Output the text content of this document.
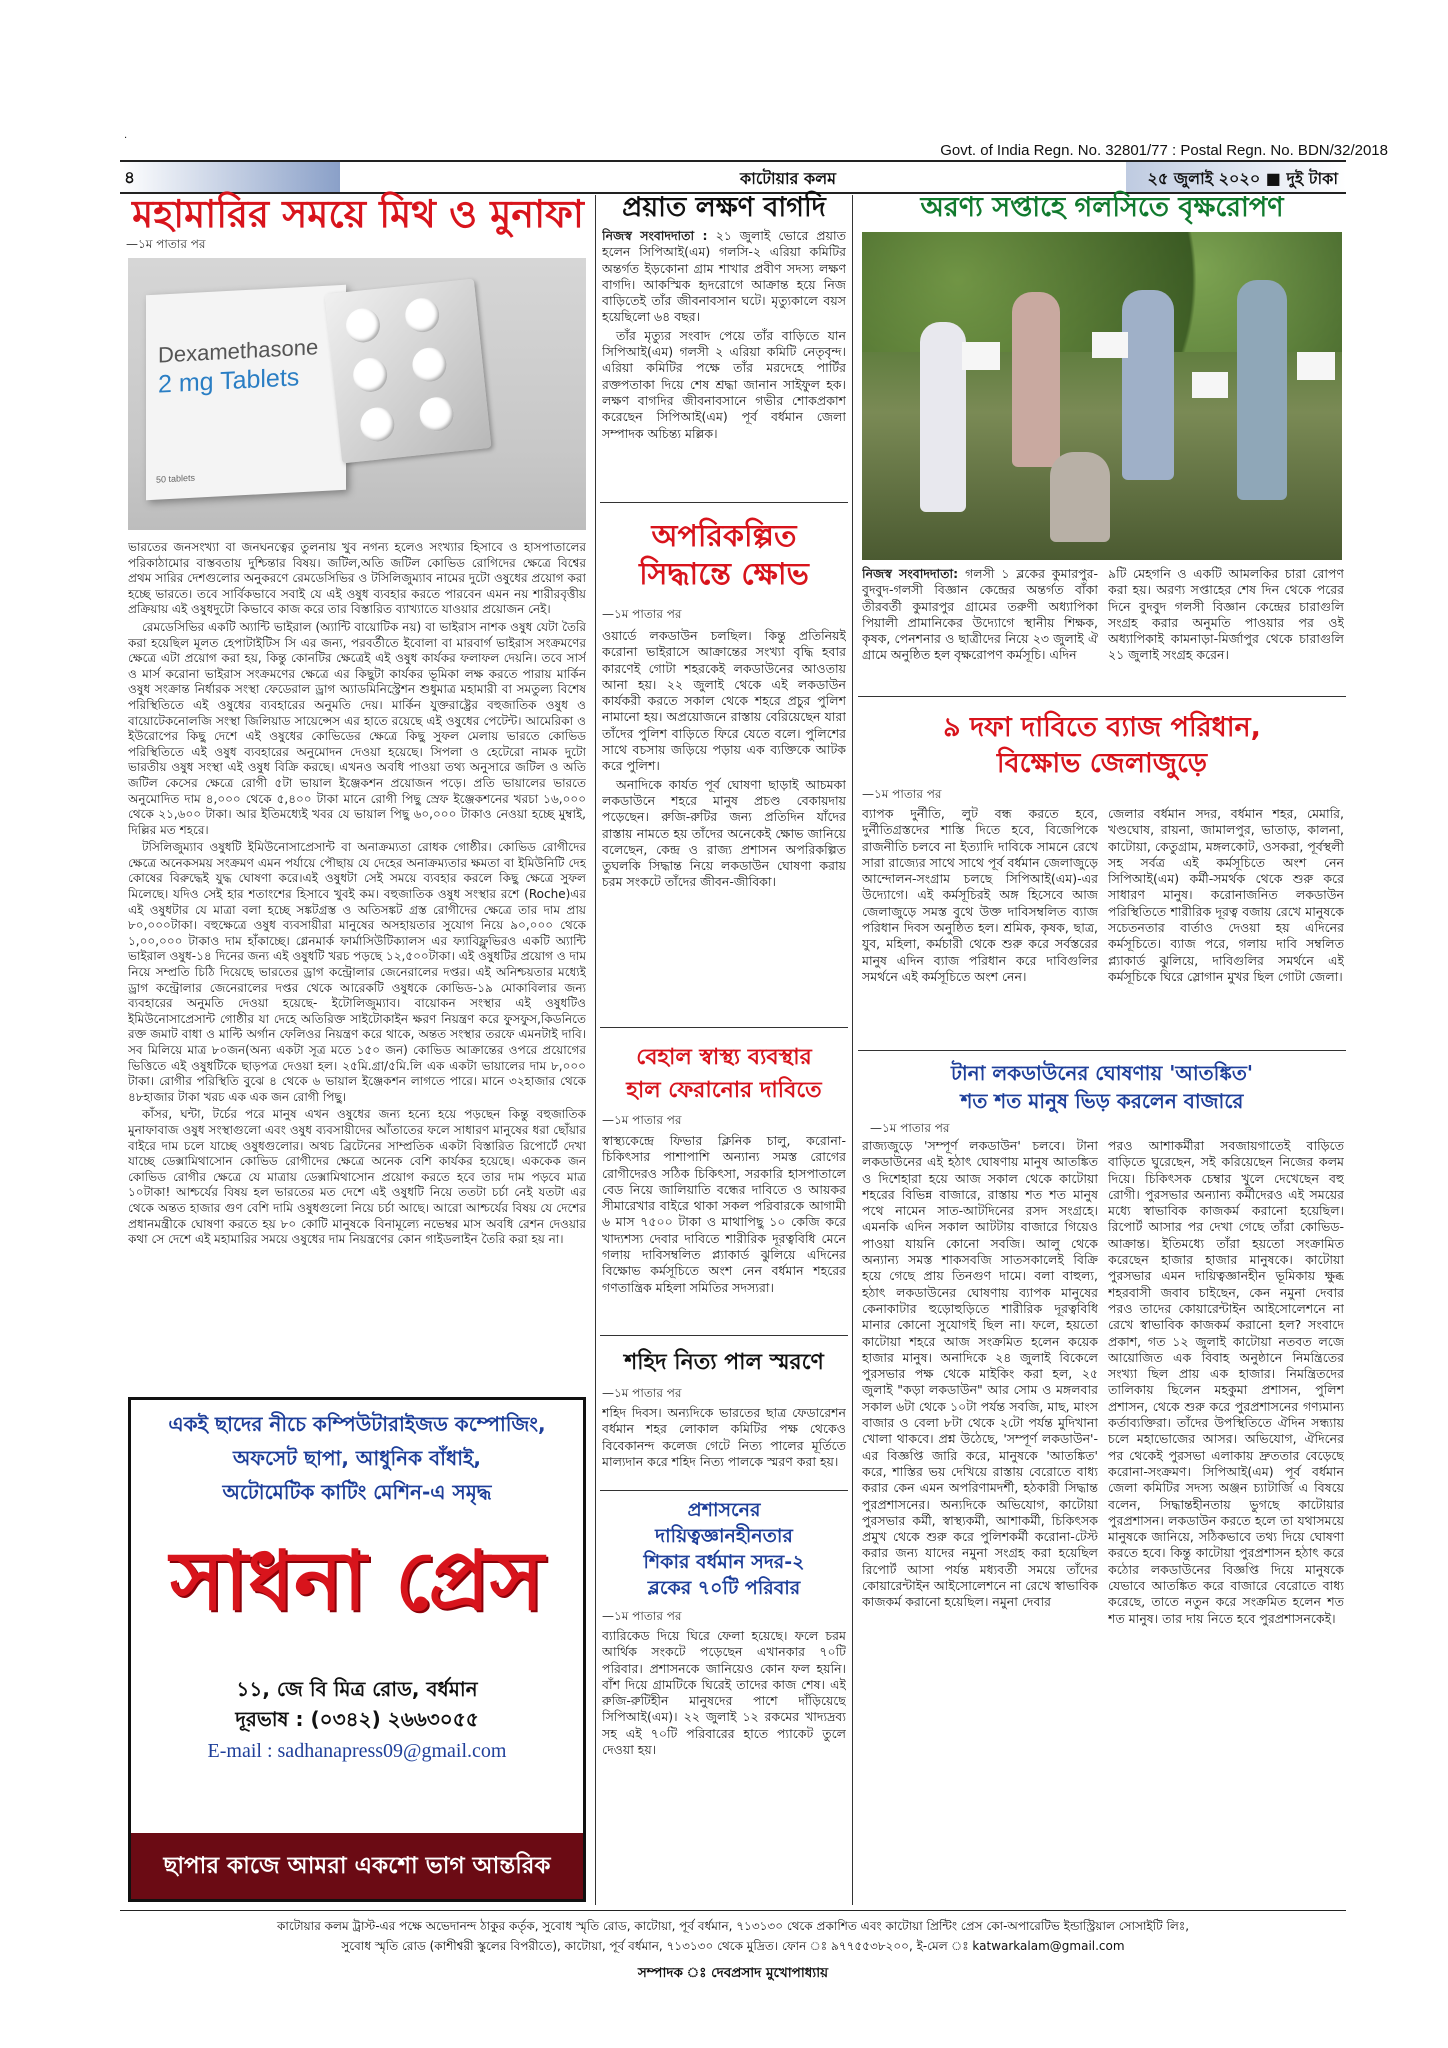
.
Govt. of India Regn. No. 32801/77 : Postal Regn. No. BDN/32/2018
৪	কাটোয়ার কলম	২৫ জুলাই ২০২০ ■ দুই টাকা
মহামারির সময়ে মিথ ও মুনাফা
—১ম পাতার পর
Dexamethasone
2 mg Tablets
50 tablets

ভারতের জনসংখ্যা বা জনঘনত্বের তুলনায় খুব নগন্য হলেও সংখ্যার হিসাবে ও হাসপাতালের পরিকাঠামোর বাস্তবতায় দুশ্চিন্তার বিষয়। জটিল,অতি জটিল কোভিড রোগিদের ক্ষেত্রে বিশ্বের প্রথম সারির দেশগুলোর অনুকরণে রেমডেসিভির ও টসিলিজুম্যাব নামের দুটো ওষুধের প্রয়োগ করা হচ্ছে ভারতে। তবে সার্বিকভাবে সবাই যে এই ওষুধ ব্যবহার করতে পারবেন এমন নয় শারীরবৃত্তীয় প্রক্রিয়ায় এই ওষুধদুটো কিভাবে কাজ করে তার বিস্তারিত ব্যাখ্যাতে যাওয়ার প্রয়োজন নেই।

রেমডেসিভির একটি অ্যান্টি ভাইরাল (অ্যান্টি বায়োটিক নয়) বা ভাইরাস নাশক ওষুধ যেটা তৈরি করা হয়েছিল মূলত হেপাটাইটিস সি এর জন্য, পরবর্তীতে ইবোলা বা মারবার্গ ভাইরাস সংক্রমণের ক্ষেত্রে এটা প্রয়োগ করা হয়, কিন্তু কোনটির ক্ষেত্রেই এই ওষুধ কার্যকর ফলাফল দেয়নি। তবে সার্স ও মার্স করোনা ভাইরাস সংক্রমণের ক্ষেত্রে এর কিছুটা কার্যকর ভূমিকা লক্ষ করতে পারায় মার্কিন ওষুধ সংক্রান্ত নির্ধারক সংস্থা ফেডেরাল ড্রাগ অ্যাডমিনিস্ট্রেশন শুধুমাত্র মহামারী বা সমতুল্য বিশেষ পরিস্থিতিতে এই ওষুধের ব্যবহারের অনুমতি দেয়। মার্কিন যুক্তরাষ্ট্রের বহুজাতিক ওষুধ ও বায়োটেকনোলজি সংস্থা জিলিয়াড সায়েন্সেস এর হাতে রয়েছে এই ওষুধের পেটেন্ট। আমেরিকা ও ইউরোপের কিছু দেশে এই ওষুধের কোভিডের ক্ষেত্রে কিছু সুফল মেলায় ভারতে কোভিড পরিস্থিতিতে এই ওষুধ ব্যবহারের অনুমোদন দেওয়া হয়েছে। সিপলা ও হেটেরো নামক দুটো ভারতীয় ওষুধ সংস্থা এই ওষুধ বিক্রি করছে। এখনও অবধি পাওয়া তথ্য অনুসারে জটিল ও অতি জটিল কেসের ক্ষেত্রে রোগী ৫টা ভায়াল ইঞ্জেকশন প্রয়োজন পড়ে। প্রতি ভায়ালের ভারতে অনুমোদিত দাম ৪,০০০ থেকে ৫,৪০০ টাকা মানে রোগী পিছু স্রেফ ইঞ্জেকশনের খরচা ১৬,০০০ থেকে ২১,৬০০ টাকা। আর ইতিমধ্যেই খবর যে ভায়াল পিছু ৬০,০০০ টাকাও নেওয়া হচ্ছে মুম্বাই, দিল্লির মত শহরে।

টসিলিজুম্যাব ওষুধটি ইমিউনোসাপ্রেসান্ট বা অনাক্রম্যতা রোধক গোষ্ঠীর। কোভিড রোগীদের ক্ষেত্রে অনেকসময় সংক্রমণ এমন পর্যায়ে পৌছায় যে দেহের অনাক্রম্যতার ক্ষমতা বা ইমিউনিটি দেহ কোষের বিরুদ্ধেই যুদ্ধ ঘোষণা করে।এই ওষুধটা সেই সময়ে ব্যবহার করলে কিছু ক্ষেত্রে সুফল মিলেছে। যদিও সেই হার শতাংশের হিসাবে খুবই কম। বহুজাতিক ওষুধ সংস্থার রশে (Roche)এর এই ওষুধটার যে মাত্রা বলা হচ্ছে সঙ্কটগ্রস্ত ও অতিসঙ্কট গ্রস্ত রোগীদের ক্ষেত্রে তার দাম প্রায় ৮০,০০০টাকা। বহুক্ষেত্রে ওষুধ ব্যবসায়ীরা মানুষের অসহায়তার সুযোগ নিয়ে ৯০,০০০ থেকে ১,০০,০০০ টাকাও দাম হাঁকাচ্ছে। গ্লেনমার্ক ফার্মাসিউটিক্যালস এর ফ্যাবিফ্লুভিরও একটি অ্যান্টি ভাইরাল ওষুধ-১৪ দিনের জন্য এই ওষুধটি খরচ পড়ছে ১২,৫০০টাকা। এই ওষুধটির প্রয়োগ ও দাম নিয়ে সম্প্রতি চিঠি দিয়েছে ভারতের ড্রাগ কন্ট্রোলার জেনেরালের দপ্তর। এই অনিশ্চয়তার মধ্যেই ড্রাগ কন্ট্রোলার জেনেরালের দপ্তর থেকে আরেকটি ওষুধকে কোভিড-১৯ মোকাবিলার জন্য ব্যবহারের অনুমতি দেওয়া হয়েছে- ইটোলিজুম্যাব। বায়োকন সংস্থার এই ওষুধটিও ইমিউনোসাপ্রেসান্ট গোষ্ঠীর যা দেহে অতিরিক্ত সাইটোকাইন ক্ষরণ নিয়ন্ত্রণ করে ফুসফুস,কিডনিতে রক্ত জমাট বাধা ও মাল্টি অর্গান ফেলিওর নিয়ন্ত্রণ করে থাকে, অন্তত সংস্থার তরফে এমনটাই দাবি। সব মিলিয়ে মাত্র ৮০জন(অন্য একটা সূত্র মতে ১৫০ জন) কোভিড আক্রান্তের ওপরে প্রয়োগের ভিত্তিতে এই ওষুধটিকে ছাড়পত্র দেওয়া হল। ২৫মি.গ্রা/৫মি.লি এক একটা ভায়ালের দাম ৮,০০০ টাকা। রোগীর পরিস্থিতি বুঝে ৪ থেকে ৬ ভায়াল ইঞ্জেকশন লাগতে পারে। মানে ৩২হাজার থেকে ৪৮হাজার টাকা খরচ এক এক জন রোগী পিছু।

কাঁসর, ঘন্টা, টর্চের পরে মানুষ এখন ওষুধের জন্য হন্যে হয়ে পড়ছেন কিন্তু বহুজাতিক মুনাফাবাজ ওষুধ সংস্থাগুলো এবং ওষুধ ব্যবসায়ীদের আঁতাতের ফলে সাধারণ মানুষের ধরা ছোঁয়ার বাইরে দাম চলে যাচ্ছে ওষুধগুলোর। অথচ ব্রিটেনের সাম্প্রতিক একটা বিস্তারিত রিপোর্টে দেখা যাচ্ছে ডেক্সামিথাসোন কোভিড রোগীদের ক্ষেত্রে অনেক বেশি কার্যকর হয়েছে। এককেক জন কোভিড রোগীর ক্ষেত্রে যে মাত্রায় ডেক্সামিথাসোন প্রয়োগ করতে হবে তার দাম পড়বে মাত্র ১০টাকা! আশ্চর্যের বিষয় হল ভারতের মত দেশে এই ওষুধটি নিয়ে ততটা চর্চা নেই যতটা এর থেকে অন্তত হাজার গুণ বেশি দামি ওষুধগুলো নিয়ে চর্চা আছে। আরো আশ্চর্যের বিষয় যে দেশের প্রধানমন্ত্রীকে ঘোষণা করতে হয় ৮০ কোটি মানুষকে বিনামূল্যে নভেম্বর মাস অবধি রেশন দেওয়ার কথা সে দেশে এই মহামারির সময়ে ওষুধের দাম নিয়ন্ত্রণের কোন গাইডলাইন তৈরি করা হয় না।

একই ছাদের নীচে কম্পিউটারাইজড কম্পোজিং,
অফসেট ছাপা, আধুনিক বাঁধাই,
অটোমেটিক কাটিং মেশিন-এ সমৃদ্ধ
সাধনা প্রেস
১১, জে বি মিত্র রোড, বর্ধমান
দূরভাষ : (০৩৪২) ২৬৬৩০৫৫
E-mail : sadhanapress09@gmail.com
ছাপার কাজে আমরা একশো ভাগ আন্তরিক
প্রয়াত লক্ষণ বাগদি

নিজস্ব সংবাদদাতা : ২১ জুলাই ভোরে প্রয়াত হলেন সিপিআই(এম) গলসি-২ এরিয়া কমিটির অন্তর্গত ইড়কোনা গ্রাম শাখার প্রবীণ সদস্য লক্ষণ বাগদি। আকস্মিক হৃদরোগে আক্রান্ত হয়ে নিজ বাড়িতেই তাঁর জীবনাবসান ঘটে। মৃত্যুকালে বয়স হয়েছিলো ৬৪ বছর।

তাঁর মৃত্যুর সংবাদ পেয়ে তাঁর বাড়িতে যান সিপিআই(এম) গলসী ২ এরিয়া কমিটি নেতৃবৃন্দ। এরিয়া কমিটির পক্ষে তাঁর মরদেহে পার্টির রক্তপতাকা দিয়ে শেষ শ্রদ্ধা জানান সাইফুল হক। লক্ষণ বাগদির জীবনাবসানে গভীর শোকপ্রকাশ করেছেন সিপিআই(এম) পূর্ব বর্ধমান জেলা সম্পাদক অচিন্ত্য মল্লিক।

অপরিকল্পিত
সিদ্ধান্তে ক্ষোভ
—১ম পাতার পর

ওয়ার্ডে লকডাউন চলছিল। কিন্তু প্রতিনিয়ই করোনা ভাইরাসে আক্রান্তের সংখ্যা বৃদ্ধি হবার কারণেই গোটা শহরকেই লকডাউনের আওতায় আনা হয়। ২২ জুলাই থেকে এই লকডাউন কার্যকরী করতে সকাল থেকে শহরে প্রচুর পুলিশ নামানো হয়। অপ্রয়োজনে রাস্তায় বেরিয়েছেন যারা তাঁদের পুলিশ বাড়িতে ফিরে যেতে বলে। পুলিশের সাথে বচসায় জড়িয়ে পড়ায় এক ব্যক্তিকে আটক করে পুলিশ।

অনাদিকে কার্যত পূর্ব ঘোষণা ছাড়াই আচমকা লকডাউনে শহরে মানুষ প্রচণ্ড বেকায়দায় পড়েছেন। রুজি-রুটির জন্য প্রতিদিন যাঁদের রাস্তায় নামতে হয় তাঁদের অনেকেই ক্ষোভ জানিয়ে বলেছেন, কেন্দ্র ও রাজ্য প্রশাসন অপরিকল্পিত তুঘলকি সিদ্ধান্ত নিয়ে লকডাউন ঘোষণা করায় চরম সংকটে তাঁদের জীবন-জীবিকা।

বেহাল স্বাস্থ্য ব্যবস্থার
হাল ফেরানোর দাবিতে
—১ম পাতার পর

স্বাস্থ্যকেন্দ্রে ফিভার ক্লিনিক চালু, করোনা-চিকিৎসার পাশাপাশি অন্যান্য সমস্ত রোগের রোগীদেরও সঠিক চিকিৎসা, সরকারি হাসপাতালে বেড নিয়ে জালিয়াতি বন্ধের দাবিতে ও আয়কর সীমারেখার বাইরে থাকা সকল পরিবারকে আগামী ৬ মাস ৭৫০০ টাকা ও মাথাপিছু ১০ কেজি করে খাদ্যশস্য দেবার দাবিতে শারীরিক দূরত্ববিধি মেনে গলায় দাবিসম্বলিত প্ল্যাকার্ড ঝুলিয়ে এদিনের বিক্ষোভ কর্মসূচিতে অংশ নেন বর্ধমান শহরের গণতান্ত্রিক মহিলা সমিতির সদস্যরা।

শহিদ নিত্য পাল স্মরণে
—১ম পাতার পর

শহিদ দিবস। অন্যদিকে ভারতের ছাত্র ফেডারেশন বর্ধমান শহর লোকাল কমিটির পক্ষ থেকেও বিবেকানন্দ কলেজ গেটে নিত্য পালের মূর্তিতে মাল্যদান করে শহিদ নিত্য পালকে স্মরণ করা হয়।

প্রশাসনের
দায়িত্বজ্ঞানহীনতার
শিকার বর্ধমান সদর-২
ব্লকের ৭০টি পরিবার
—১ম পাতার পর

ব্যারিকেড দিয়ে ঘিরে ফেলা হয়েছে। ফলে চরম আর্থিক সংকটে পড়েছেন এখানকার ৭০টি পরিবার। প্রশাসনকে জানিয়েও কোন ফল হয়নি। বাঁশ দিয়ে গ্রামটিকে ঘিরেই তাদের কাজ শেষ। এই রুজি-রুটিহীন মানুষদের পাশে দাঁড়িয়েছে সিপিআই(এম)। ২২ জুলাই ১২ রকমের খাদ্যদ্রব্য সহ এই ৭০টি পরিবারের হাতে প্যাকেট তুলে দেওয়া হয়।

অরণ্য সপ্তাহে গলসিতে বৃক্ষরোপণ

নিজস্ব সংবাদদাতা: গলসী ১ ব্লকের কুমারপুর-বুদবুদ-গলসী বিজ্ঞান কেন্দ্রের অন্তর্গত বাঁকা তীরবর্তী কুমারপুর গ্রামের তরুণী অধ্যাপিকা পিয়ালী প্রামানিকের উদ্যোগে স্থানীয় শিক্ষক, কৃষক, পেনশনার ও ছাত্রীদের নিয়ে ২৩ জুলাই ঐ গ্রামে অনুষ্ঠিত হল বৃক্ষরোপণ কর্মসূচি। এদিন

৯টি মেহগনি ও একটি আমলকির চারা রোপণ করা হয়। অরণ্য সপ্তাহের শেষ দিন থেকে পরের দিনে বুদবুদ গলসী বিজ্ঞান কেন্দ্রের চারাগুলি সংগ্রহ করার অনুমতি পাওয়ার পর ওই অধ্যাপিকাই কামনাড়া-মির্জাপুর থেকে চারাগুলি ২১ জুলাই সংগ্রহ করেন।

৯ দফা দাবিতে ব্যাজ পরিধান,
বিক্ষোভ জেলাজুড়ে
—১ম পাতার পর

ব্যাপক দুর্নীতি, লুট বন্ধ করতে হবে, দুর্নীতিগ্রস্তদের শাস্তি দিতে হবে, বিজেপিকে রাজনীতি চলবে না ইত্যাদি দাবিকে সামনে রেখে সারা রাজ্যের সাথে সাথে পূর্ব বর্ধমান জেলাজুড়ে আন্দোলন-সংগ্রাম চলছে সিপিআই(এম)-এর উদ্যোগে। এই কর্মসূচিরই অঙ্গ হিসেবে আজ জেলাজুড়ে সমস্ত বুথে উক্ত দাবিসম্বলিত ব্যাজ পরিধান দিবস অনুষ্ঠিত হল। শ্রমিক, কৃষক, ছাত্র, যুব, মহিলা, কর্মচারী থেকে শুরু করে সর্বস্তরের মানুষ এদিন ব্যাজ পরিধান করে দাবিগুলির সমর্থনে এই কর্মসূচিতে অংশ নেন।

জেলার বর্ধমান সদর, বর্ধমান শহর, মেমারি, খণ্ডঘোষ, রায়না, জামালপুর, ভাতাড়, কালনা, কাটোয়া, কেতুগ্রাম, মঙ্গলকোট, ওসকরা, পূর্বস্থলী সহ সর্বত্র এই কর্মসূচিতে অংশ নেন সিপিআই(এম) কর্মী-সমর্থক থেকে শুরু করে সাধারণ মানুষ। করোনাজনিত লকডাউন পরিস্থিতিতে শারীরিক দূরত্ব বজায় রেখে মানুষকে সচেতনতার বার্তাও দেওয়া হয় এদিনের কর্মসূচিতে। ব্যাজ পরে, গলায় দাবি সম্বলিত প্ল্যাকার্ড ঝুলিয়ে, দাবিগুলির সমর্থনে এই কর্মসূচিকে ঘিরে স্লোগান মুখর ছিল গোটা জেলা।

টানা লকডাউনের ঘোষণায় 'আতঙ্কিত'
শত শত মানুষ ভিড় করলেন বাজারে
—১ম পাতার পর

রাজ্যজুড়ে 'সম্পূর্ণ লকডাউন' চলবে। টানা লকডাউনের এই হঠাৎ ঘোষণায় মানুষ আতঙ্কিত ও দিশেহারা হয়ে আজ সকাল থেকে কাটোয়া শহরের বিভিন্ন বাজারে, রাস্তায় শত শত মানুষ পথে নামেন সাত-আটদিনের রসদ সংগ্রহে। এমনকি এদিন সকাল আটটায় বাজারে গিয়েও পাওয়া যায়নি কোনো সবজি। আলু থেকে অন্যান্য সমস্ত শাকসবজি সাতসকালেই বিক্রি হয়ে গেছে প্রায় তিনগুণ দামে। বলা বাহুল্য, হঠাৎ লকডাউনের ঘোষণায় ব্যাপক মানুষের কেনাকাটার হুড়োহুড়িতে শারীরিক দূরত্ববিধি মানার কোনো সুযোগই ছিল না। ফলে, হয়তো কাটোয়া শহরে আজ সংক্রমিত হলেন কয়েক হাজার মানুষ। অনাদিকে ২৪ জুলাই বিকেলে পুরসভার পক্ষ থেকে মাইকিং করা হল, ২৫ জুলাই "কড়া লকডাউন" আর সোম ও মঙ্গলবার সকাল ৬টা থেকে ১০টা পর্যন্ত সবজি, মাছ, মাংস বাজার ও বেলা ৮টা থেকে ২টো পর্যন্ত মুদিখানা খোলা থাকবে। প্রশ্ন উঠেছে, 'সম্পূর্ণ লকডাউন'-এর বিজ্ঞপ্তি জারি করে, মানুষকে 'আতঙ্কিত' করে, শাস্তির ভয় দেখিয়ে রাস্তায় বেরোতে বাধ্য করার কেন এমন অপরিণামদর্শী, হঠকারী সিদ্ধান্ত পুরপ্রশাসনের। অন্যদিকে অভিযোগ, কাটোয়া পুরসভার কর্মী, স্বাস্থ্যকর্মী, আশাকর্মী, চিকিৎসক প্রমুখ থেকে শুরু করে পুলিশকর্মী করোনা-টেস্ট করার জন্য যাদের নমুনা সংগ্রহ করা হয়েছিল রিপোর্ট আসা পর্যন্ত মধ্যবর্তী সময়ে তাঁদের কোয়ারেন্টাইন আইসোলেশনে না রেখে স্বাভাবিক কাজকর্ম করানো হয়েছিল। নমুনা দেবার

পরও আশাকর্মীরা সবজায়গাতেই বাড়িতে বাড়িতে ঘুরেছেন, সই করিয়েছেন নিজের কলম দিয়ে। চিকিৎসক চেম্বার খুলে দেখেছেন বহু রোগী। পুরসভার অন্যান্য কর্মীদেরও এই সময়ের মধ্যে স্বাভাবিক কাজকর্ম করানো হয়েছিল। রিপোর্ট আসার পর দেখা গেছে তাঁরা কোভিড-আক্রান্ত। ইতিমধ্যে তাঁরা হয়তো সংক্রামিত করেছেন হাজার হাজার মানুষকে। কাটোয়া পুরসভার এমন দায়িত্বজ্ঞানহীন ভূমিকায় ক্ষুব্ধ শহরবাসী জবাব চাইছেন, কেন নমুনা দেবার পরও তাদের কোয়ারেন্টাইন আইসোলেশনে না রেখে স্বাভাবিক কাজকর্ম করানো হল? সংবাদে প্রকাশ, গত ১২ জুলাই কাটোয়া নতবত লজে আয়োজিত এক বিবাহ অনুষ্ঠানে নিমন্ত্রিতের সংখ্যা ছিল প্রায় এক হাজার। নিমন্ত্রিতদের তালিকায় ছিলেন মহকুমা প্রশাসন, পুলিশ প্রশাসন, থেকে শুরু করে পুরপ্রশাসনের গণ্যমান্য কর্তাব্যক্তিরা। তাঁদের উপস্থিতিতে ঐদিন সন্ধ্যায় চলে মহাভোজের আসর। অভিযোগ, ঐদিনের পর থেকেই পুরসভা এলাকায় দ্রুততার বেড়েছে করোনা-সংক্রমণ। সিপিআই(এম) পূর্ব বর্ধমান জেলা কমিটির সদস্য অঞ্জন চ্যাটার্জি এ বিষয়ে বলেন, সিদ্ধান্তহীনতায় ভুগছে কাটোয়ার পুরপ্রশাসন। লকডাউন করতে হলে তা যথাসময়ে মানুষকে জানিয়ে, সঠিকভাবে তথ্য দিয়ে ঘোষণা করতে হবে। কিন্তু কাটোয়া পুরপ্রশাসন হঠাৎ করে কঠোর লকডাউনের বিজ্ঞপ্তি দিয়ে মানুষকে যেভাবে আতঙ্কিত করে বাজারে বেরোতে বাধ্য করেছে, তাতে নতুন করে সংক্রমিত হলেন শত শত মানুষ। তার দায় নিতে হবে পুরপ্রশাসনকেই।

কাটোয়ার কলম ট্রাস্ট-এর পক্ষে অভেদানন্দ ঠাকুর কর্তৃক, সুবোধ স্মৃতি রোড, কাটোয়া, পূর্ব বর্ধমান, ৭১৩১৩০ থেকে প্রকাশিত এবং কাটোয়া প্রিন্টিং প্রেস কো-অপারেটিভ ইন্ডাস্ট্রিয়াল সোসাইটি লিঃ,
সুবোধ স্মৃতি রোড (কাশীশ্বরী স্কুলের বিপরীতে), কাটোয়া, পূর্ব বর্ধমান, ৭১৩১৩০ থেকে মুদ্রিত। ফোন ঃ ৯৭৭৫৫৩৮২০০, ই-মেল ঃ katwarkalam@gmail.com
সম্পাদক ঃ দেবপ্রসাদ মুখোপাধ্যায়
